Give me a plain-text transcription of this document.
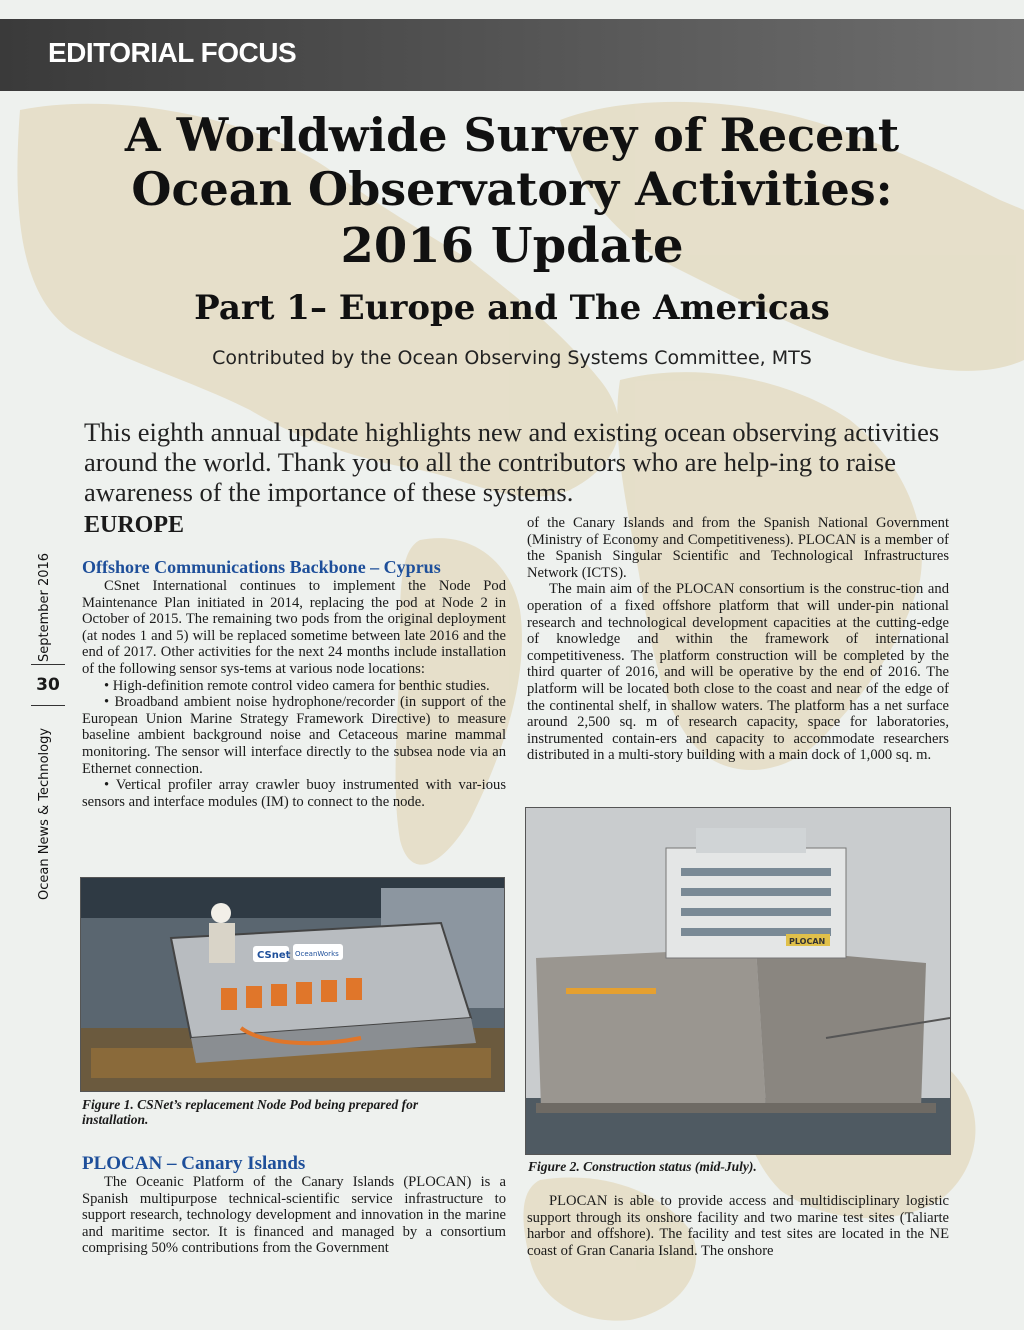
EDITORIAL FOCUS
A Worldwide Survey of Recent
Ocean Observatory Activities:
2016 Update
Part 1– Europe and The Americas
Contributed by the Ocean Observing Systems Committee, MTS

This eighth annual update highlights new and existing ocean observing activities around the world. Thank you to all the contributors who are help-ing to raise awareness of the importance of these systems.

September 2016
30
Ocean News & Technology
EUROPE
Offshore Communications Backbone – Cyprus

CSnet International continues to implement the Node Pod Maintenance Plan initiated in 2014, replacing the pod at Node 2 in October of 2015. The remaining two pods from the original deployment (at nodes 1 and 5) will be replaced sometime between late 2016 and the end of 2017. Other activities for the next 24 months include installation of the following sensor sys-tems at various node locations:

• High-definition remote control video camera for benthic studies.

• Broadband ambient noise hydrophone/recorder (in support of the European Union Marine Strategy Framework Directive) to measure baseline ambient background noise and Cetaceous marine mammal monitoring. The sensor will interface directly to the subsea node via an Ethernet connection.

• Vertical profiler array crawler buoy instrumented with var-ious sensors and interface modules (IM) to connect to the node.

CSnet OceanWorks
Figure 1. CSNet’s replacement Node Pod being prepared for installation.
PLOCAN – Canary Islands

The Oceanic Platform of the Canary Islands (PLOCAN) is a Spanish multipurpose technical-scientific service infrastructure to support research, technology development and innovation in the marine and maritime sector. It is financed and managed by a consortium comprising 50% contributions from the Government

of the Canary Islands and from the Spanish National Government (Ministry of Economy and Competitiveness). PLOCAN is a member of the Spanish Singular Scientific and Technological Infrastructures Network (ICTS).

The main aim of the PLOCAN consortium is the construc-tion and operation of a fixed offshore platform that will under-pin national research and technological development capacities at the cutting-edge of knowledge and within the framework of international competitiveness. The platform construction will be completed by the third quarter of 2016, and will be operative by the end of 2016. The platform will be located both close to the coast and near of the edge of the continental shelf, in shallow waters. The platform has a net surface around 2,500 sq. m of research capacity, space for laboratories, instrumented contain-ers and capacity to accommodate researchers distributed in a multi-story building with a main dock of 1,000 sq. m.

PLOCAN
Figure 2. Construction status (mid-July).

PLOCAN is able to provide access and multidisciplinary logistic support through its onshore facility and two marine test sites (Taliarte harbor and offshore). The facility and test sites are located in the NE coast of Gran Canaria Island. The onshore
